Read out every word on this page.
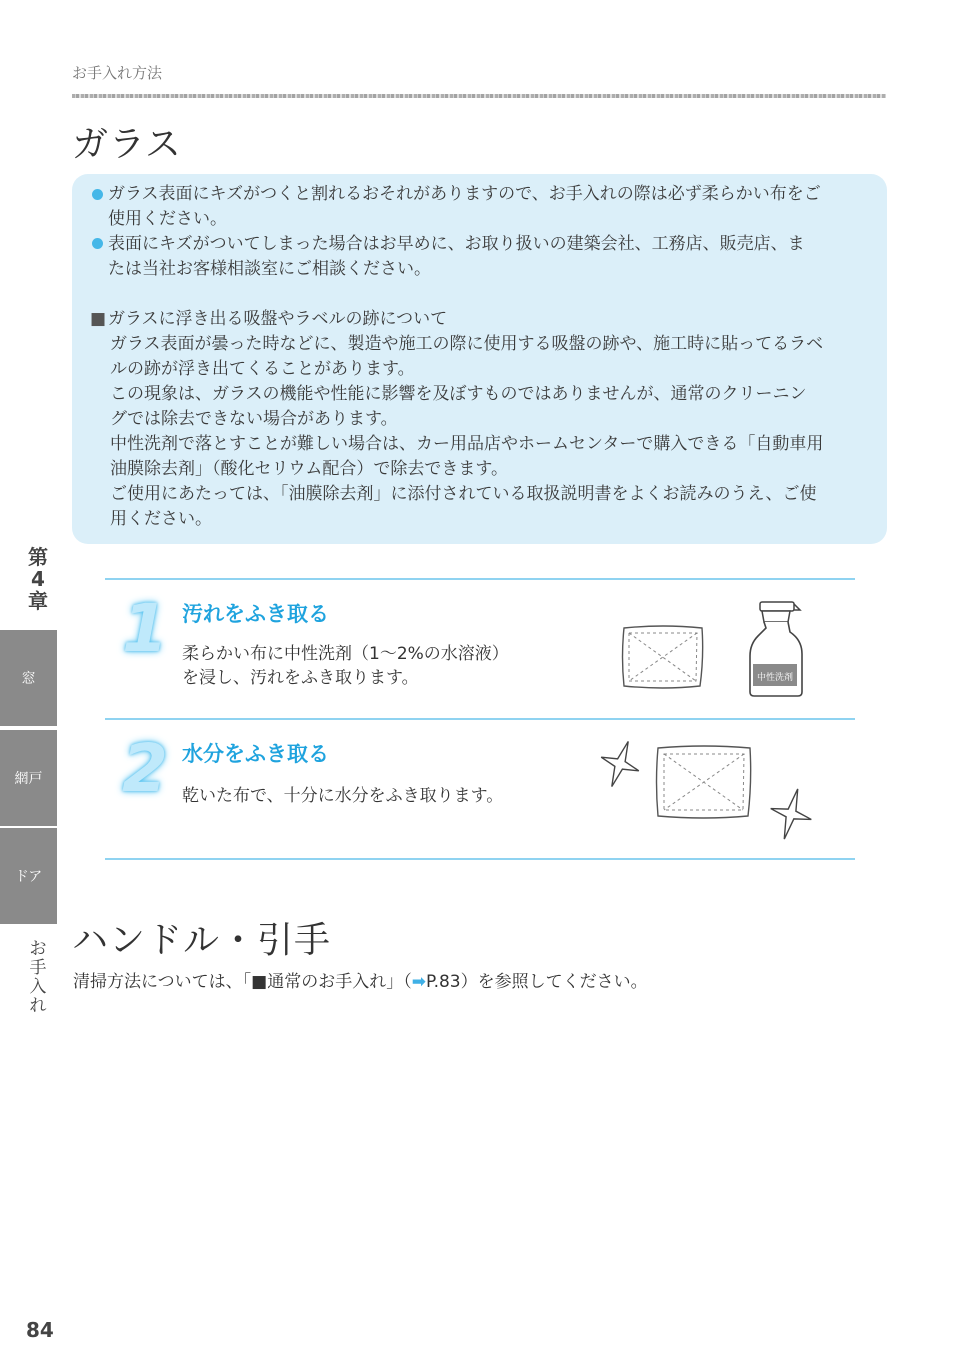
お手入れ方法
ガラス
ガラス表面にキズがつくと割れるおそれがありますので、お手入れの際は必ず柔らかい布をご
使用ください。
表面にキズがついてしまった場合はお早めに、お取り扱いの建築会社、工務店、販売店、ま
たは当社お客様相談室にご相談ください。
■ ガラスに浮き出る吸盤やラベルの跡について
ガラス表面が曇った時などに、製造や施工の際に使用する吸盤の跡や、施工時に貼ってるラベ
ルの跡が浮き出てくることがあります。
この現象は、ガラスの機能や性能に影響を及ぼすものではありませんが、通常のクリーニン
グでは除去できない場合があります。
中性洗剤で落とすことが難しい場合は、カー用品店やホームセンターで購入できる「自動車用
油膜除去剤」（酸化セリウム配合）で除去できます。
ご使用にあたっては、「油膜除去剤」に添付されている取扱説明書をよくお読みのうえ、ご使
用ください。
1 汚れをふき取る
柔らかい布に中性洗剤（1〜2%の水溶液）
を浸し、汚れをふき取ります。	中性洗剤
2 水分をふき取る
乾いた布で、十分に水分をふき取ります。
ハンドル・引手
清掃方法については、「■通常のお手入れ」（➡P.83）を参照してください。
第
4
章
窓
網戸
ドア
お
手
入
れ
84
